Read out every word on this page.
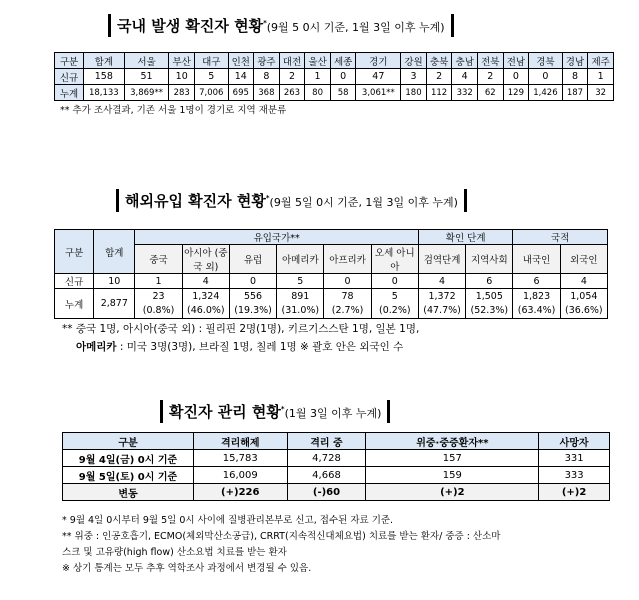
국내 발생 확진자 현황*(9월 5 0시 기준, 1월 3일 이후 누계)
구분	합계	서울	부산	대구	인천	광주	대전	울산	세종	경기	강원	충북	충남	전북	전남	경북	경남	제주
신규	158	51	10	5	14	8	2	1	0	47	3	2	4	2	0	0	8	1
누계	18,133	3,869**	283	7,006	695	368	263	80	58	3,061**	180	112	332	62	129	1,426	187	32
** 추가 조사결과, 기존 서울 1명이 경기로 지역 재분류
해외유입 확진자 현황*(9월 5일 0시 기준, 1월 3일 이후 누계)
구분	합계	유입국가**						확인 단계		국적	
		중국	아시아 (중국 외)	유럽	아메리카	아프리카	오세 아니아	검역단계	지역사회	내국인	외국인
신규	10	1	4	0	5	0	0	4	6	6	4
누계	2,877	23	1,324	556	891	78	5	1,372	1,505	1,823	1,054
		(0.8%)	(46.0%)	(19.3%)	(31.0%)	(2.7%)	(0.2%)	(47.7%)	(52.3%)	(63.4%)	(36.6%)
** 중국 1명, 아시아(중국 외) : 필리핀 2명(1명), 키르기스스탄 1명, 일본 1명,
아메리카 : 미국 3명(3명), 브라질 1명, 칠레 1명 ※ 괄호 안은 외국인 수
확진자 관리 현황*(1월 3일 이후 누계)
구분	격리해제	격리 중	위중·중증환자**	사망자
9월 4일(금) 0시 기준	15,783	4,728	157	331
9월 5일(토) 0시 기준	16,009	4,668	159	333
변동	(+)226	(-)60	(+)2	(+)2
* 9월 4일 0시부터 9월 5일 0시 사이에 질병관리본부로 신고, 접수된 자료 기준.
** 위중 : 인공호흡기, ECMO(체외막산소공급), CRRT(지속적신대체요법) 치료를 받는 환자/ 중증 : 산소마
스크 및 고유량(high flow) 산소요법 치료를 받는 환자
※ 상기 통계는 모두 추후 역학조사 과정에서 변경될 수 있음.
